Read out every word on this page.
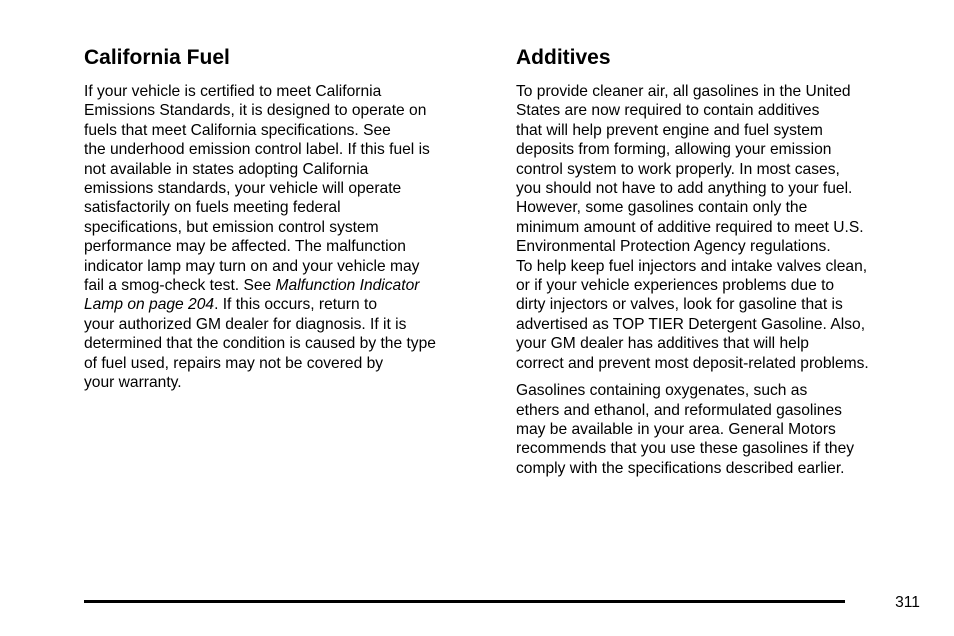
California Fuel

If your vehicle is certified to meet California
Emissions Standards, it is designed to operate on
fuels that meet California specifications. See
the underhood emission control label. If this fuel is
not available in states adopting California
emissions standards, your vehicle will operate
satisfactorily on fuels meeting federal
specifications, but emission control system
performance may be affected. The malfunction
indicator lamp may turn on and your vehicle may
fail a smog-check test. See Malfunction Indicator
Lamp on page 204. If this occurs, return to
your authorized GM dealer for diagnosis. If it is
determined that the condition is caused by the type
of fuel used, repairs may not be covered by
your warranty.

Additives

To provide cleaner air, all gasolines in the United
States are now required to contain additives
that will help prevent engine and fuel system
deposits from forming, allowing your emission
control system to work properly. In most cases,
you should not have to add anything to your fuel.
However, some gasolines contain only the
minimum amount of additive required to meet U.S.
Environmental Protection Agency regulations.
To help keep fuel injectors and intake valves clean,
or if your vehicle experiences problems due to
dirty injectors or valves, look for gasoline that is
advertised as TOP TIER Detergent Gasoline. Also,
your GM dealer has additives that will help
correct and prevent most deposit-related problems.

Gasolines containing oxygenates, such as
ethers and ethanol, and reformulated gasolines
may be available in your area. General Motors
recommends that you use these gasolines if they
comply with the specifications described earlier.

311
